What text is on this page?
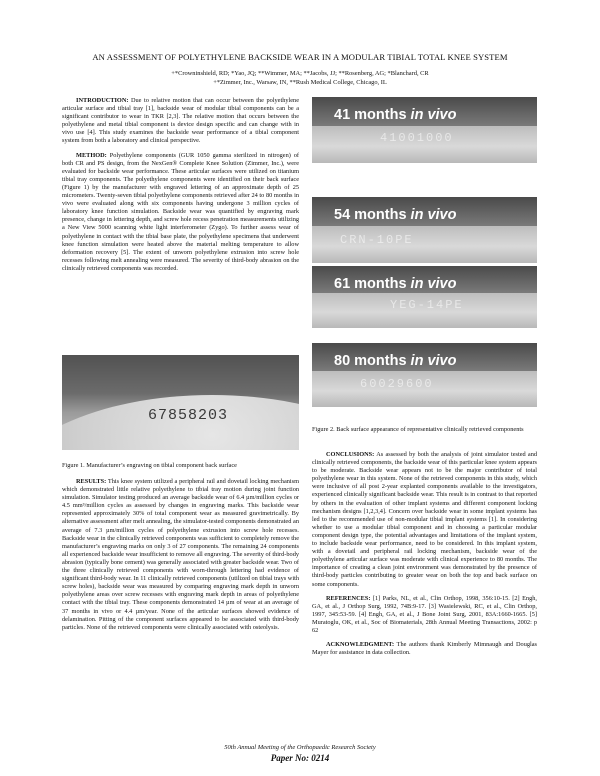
AN ASSESSMENT OF POLYETHYLENE BACKSIDE WEAR IN A MODULAR TIBIAL TOTAL KNEE SYSTEM
+*Crowninshield, RD; *Yao, JQ; **Wimmer, MA; **Jacobs, JJ; **Rosenberg, AG; *Blanchard, CR
+*Zimmer, Inc., Warsaw, IN, **Rush Medical College, Chicago, IL

INTRODUCTION: Due to relative motion that can occur between the polyethylene articular surface and tibial tray [1], backside wear of modular tibial components can be a significant contributor to wear in TKR [2,3]. The relative motion that occurs between the polyethylene and metal tibial component is device design specific and can change with in vivo use [4]. This study examines the backside wear performance of a tibial component system from both a laboratory and clinical perspective.

METHOD: Polyethylene components (GUR 1050 gamma sterilized in nitrogen) of both CR and PS design, from the NexGen® Complete Knee Solution (Zimmer, Inc.), were evaluated for backside wear performance. These articular surfaces were utilized on titanium tibial tray components. The polyethylene components were identified on their back surface (Figure 1) by the manufacturer with engraved lettering of an approximate depth of 25 micrometers. Twenty-seven tibial polyethylene components retrieved after 24 to 80 months in vivo were evaluated along with six components having undergone 3 million cycles of laboratory knee function simulation. Backside wear was quantified by engraving mark presence, change in lettering depth, and screw hole recess penetration measurements utilizing a New View 5000 scanning white light interferometer (Zygo). To further assess wear of polyethylene in contact with the tibial base plate, the polyethylene specimens that underwent knee function simulation were heated above the material melting temperature to allow deformation recovery [5]. The extent of unworn polyethylene extrusion into screw hole recesses following melt annealing were measured. The severity of third-body abrasion on the clinically retrieved components was recorded.

67858203
Figure 1. Manufacturer’s engraving on tibial component back surface

RESULTS: This knee system utilized a peripheral rail and dovetail locking mechanism which demonstrated little relative polyethylene to tibial tray motion during joint function simulation. Simulator testing produced an average backside wear of 6.4 µm/million cycles or 4.5 mm³/million cycles as assessed by changes in engraving marks. This backside wear represented approximately 30% of total component wear as measured gravimetrically. By alternative assessment after melt annealing, the simulator-tested components demonstrated an average of 7.3 µm/million cycles of polyethylene extrusion into screw hole recesses. Backside wear in the clinically retrieved components was sufficient to completely remove the manufacturer’s engraving marks on only 3 of 27 components. The remaining 24 components all experienced backside wear insufficient to remove all engraving. The severity of third-body abrasion (typically bone cement) was generally associated with greater backside wear. Two of the three clinically retrieved components with worn-through lettering had evidence of significant third-body wear. In 11 clinically retrieved components (utilized on tibial trays with screw holes), backside wear was measured by comparing engraving mark depth in unworn polyethylene areas over screw recesses with engraving mark depth in areas of polyethylene contact with the tibial tray. These components demonstrated 14 µm of wear at an average of 37 months in vivo or 4.4 µm/year. None of the articular surfaces showed evidence of delamination. Pitting of the component surfaces appeared to be associated with third-body particles. None of the retrieved components were clinically associated with osteolysis.

41 months in vivo
41001000
54 months in vivo
CRN-10PE
61 months in vivo
YEG-14PE
80 months in vivo
60029600
Figure 2. Back surface appearance of representative clinically retrieved components

CONCLUSIONS: As assessed by both the analysis of joint simulator tested and clinically retrieved components, the backside wear of this particular knee system appears to be moderate. Backside wear appears not to be the major contributor of total polyethylene wear in this system. None of the retrieved components in this study, which were inclusive of all post 2-year explanted components available to the investigators, experienced clinically significant backside wear. This result is in contrast to that reported by others in the evaluation of other implant systems and different component locking mechanism designs [1,2,3,4]. Concern over backside wear in some implant systems has led to the recommended use of non-modular tibial implant systems [1]. In considering whether to use a modular tibial component and in choosing a particular modular component design type, the potential advantages and limitations of the implant system, to include backside wear performance, need to be considered. In this implant system, with a dovetail and peripheral rail locking mechanism, backside wear of the polyethylene articular surface was moderate with clinical experience to 80 months. The importance of creating a clean joint environment was demonstrated by the presence of third-body particles contributing to greater wear on both the top and back surface on some components.

REFERENCES: [1] Parks, NL, et al., Clin Orthop, 1998, 356:10-15. [2] Engh, GA, et al., J Orthop Surg, 1992, 74B:9-17. [3] Wasielewski, RC, et al., Clin Orthop, 1997, 345:53-59. [4] Engh, GA, et al., J Bone Joint Surg, 2001, 83A:1660-1665. [5] Muratoglu, OK, et al., Soc of Biomaterials, 28th Annual Meeting Transactions, 2002: p 62

ACKNOWLEDGMENT: The authors thank Kimberly Mimnaugh and Douglas Mayer for assistance in data collection.

50th Annual Meeting of the Orthopaedic Research Society
Paper No: 0214
